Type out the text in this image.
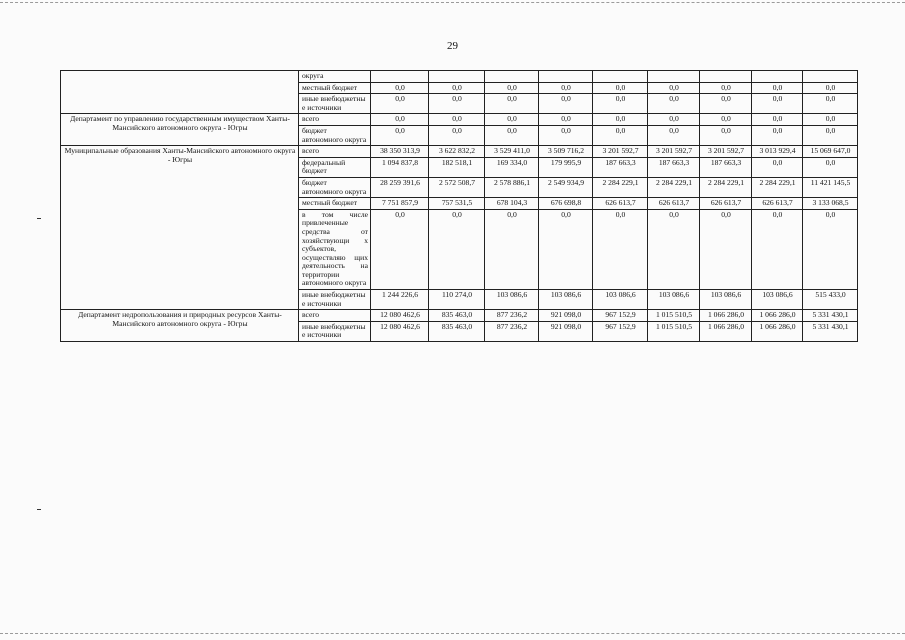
29
	округа									
	местный бюджет	0,0	0,0	0,0	0,0	0,0	0,0	0,0	0,0	0,0
	иные внебюджетны е источники	0,0	0,0	0,0	0,0	0,0	0,0	0,0	0,0	0,0
Департамент по управлению государственным имуществом Ханты-Мансийского автономного округа - Югры	всего	0,0	0,0	0,0	0,0	0,0	0,0	0,0	0,0	0,0
	бюджет автономного округа	0,0	0,0	0,0	0,0	0,0	0,0	0,0	0,0	0,0
Муниципальные образования Ханты-Мансийского автономного округа - Югры	всего	38 350 313,9	3 622 832,2	3 529 411,0	3 509 716,2	3 201 592,7	3 201 592,7	3 201 592,7	3 013 929,4	15 069 647,0
	федеральный бюджет	1 094 837,8	182 518,1	169 334,0	179 995,9	187 663,3	187 663,3	187 663,3	0,0	0,0
	бюджет автономного округа	28 259 391,6	2 572 508,7	2 578 886,1	2 549 934,9	2 284 229,1	2 284 229,1	2 284 229,1	2 284 229,1	11 421 145,5
	местный бюджет	7 751 857,9	757 531,5	678 104,3	676 698,8	626 613,7	626 613,7	626 613,7	626 613,7	3 133 068,5
	в том числе привлеченные средства от хозяйствующи х субъектов, осуществляю щих деятельность на территории автономного округа	0,0	0,0	0,0	0,0	0,0	0,0	0,0	0,0	0,0
	иные внебюджетны е источники	1 244 226,6	110 274,0	103 086,6	103 086,6	103 086,6	103 086,6	103 086,6	103 086,6	515 433,0
Департамент недропользования и природных ресурсов Ханты-Мансийского автономного округа - Югры	всего	12 080 462,6	835 463,0	877 236,2	921 098,0	967 152,9	1 015 510,5	1 066 286,0	1 066 286,0	5 331 430,1
	иные внебюджетны е источники	12 080 462,6	835 463,0	877 236,2	921 098,0	967 152,9	1 015 510,5	1 066 286,0	1 066 286,0	5 331 430,1
